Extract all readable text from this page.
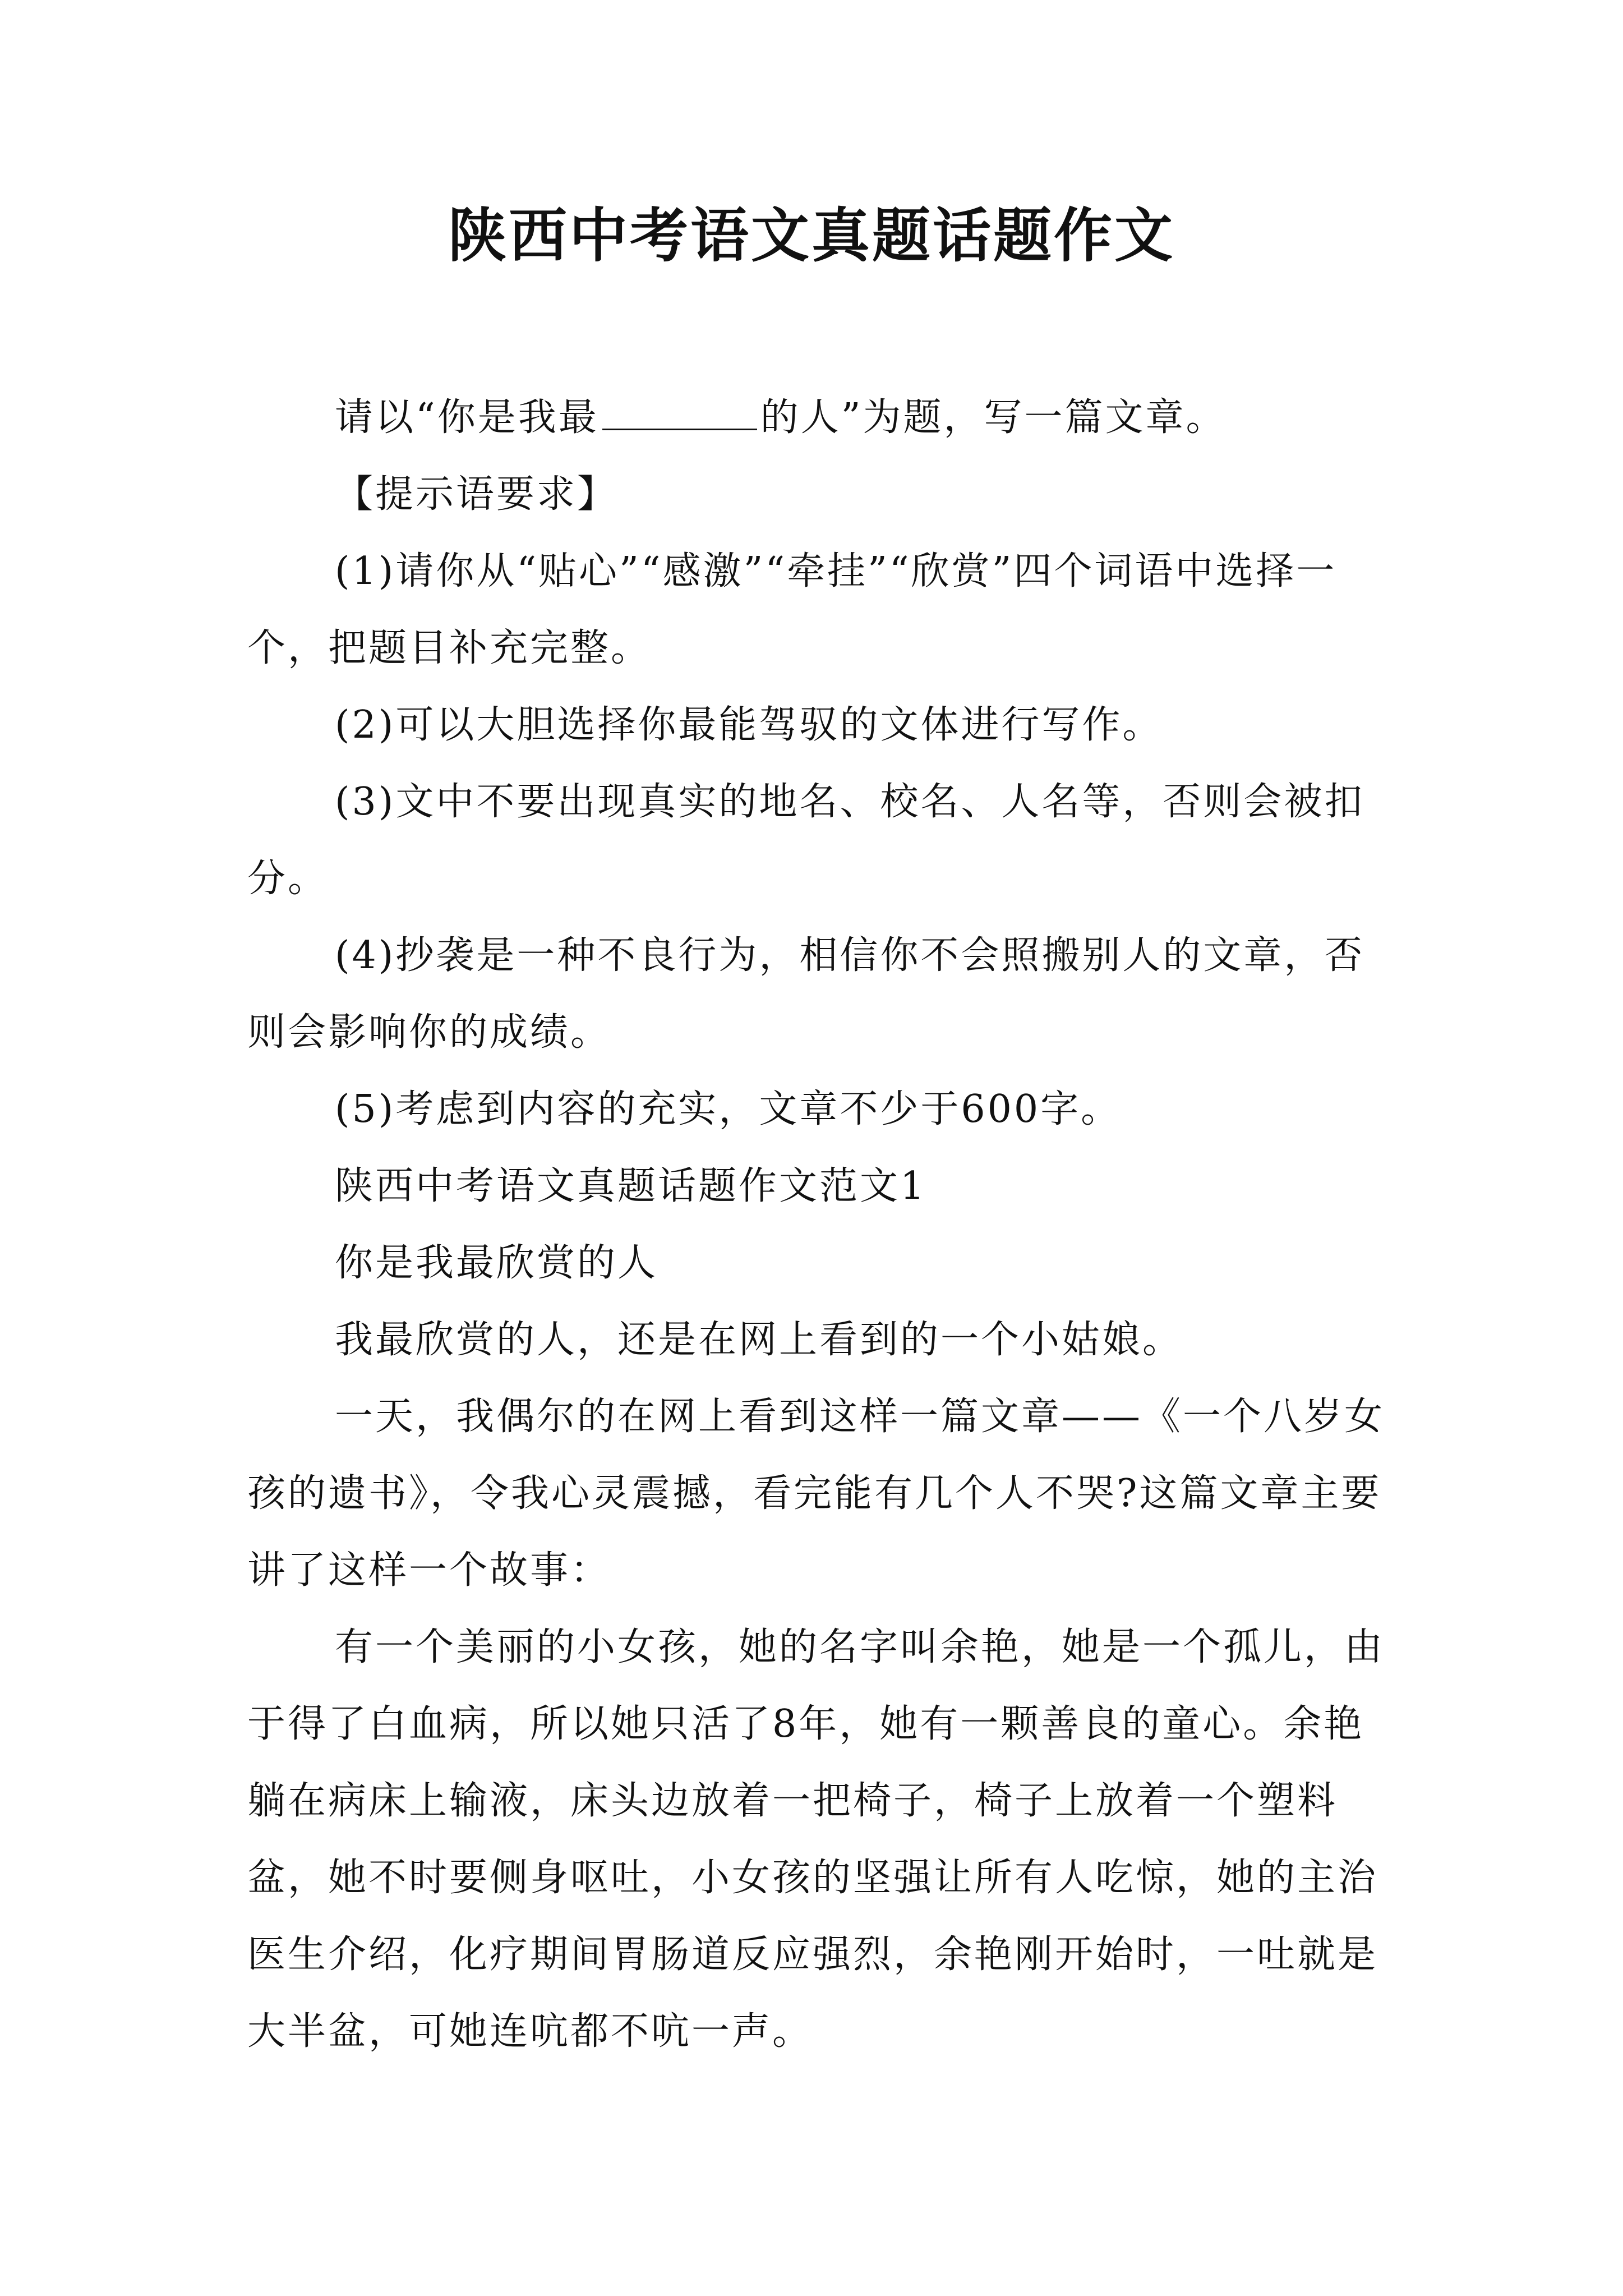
陕西中考语文真题话题作文

请以“你是我最	的人”为题，写一篇文章。

【提示语要求】

(1)请你从“贴心”“感激”“牵挂”“欣赏”四个词语中选择一个，把题目补充完整。

(2)可以大胆选择你最能驾驭的文体进行写作。

(3)文中不要出现真实的地名、校名、人名等，否则会被扣分。

(4)抄袭是一种不良行为，相信你不会照搬别人的文章，否则会影响你的成绩。

(5)考虑到内容的充实，文章不少于600字。

陕西中考语文真题话题作文范文1

你是我最欣赏的人

我最欣赏的人，还是在网上看到的一个小姑娘。

一天，我偶尔的在网上看到这样一篇文章——《一个八岁女孩的遗书》，令我心灵震撼，看完能有几个人不哭?这篇文章主要讲了这样一个故事：

有一个美丽的小女孩，她的名字叫余艳，她是一个孤儿，由于得了白血病，所以她只活了8年，她有一颗善良的童心。余艳躺在病床上输液，床头边放着一把椅子，椅子上放着一个塑料盆，她不时要侧身呕吐，小女孩的坚强让所有人吃惊，她的主治医生介绍，化疗期间胃肠道反应强烈，余艳刚开始时，一吐就是大半盆，可她连吭都不吭一声。
